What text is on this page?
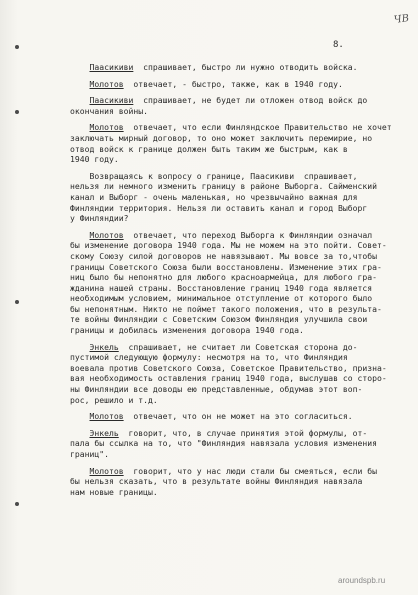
ЧВ
8.
Паасикиви  спрашивает, быстро ли нужно отводить войска.
Молотов  отвечает, - быстро, также, как в 1940 году.
Паасикиви  спрашивает, не будет ли отложен отвод войск до
окончания войны.
Молотов  отвечает, что если Финляндское Правительство не хочет
заключать мирный договор, то оно может заключить перемирие, но
отвод войск к границе должен быть таким же быстрым, как в
1940 году.
Возвращаясь к вопросу о границе, Паасикиви  спрашивает,
нельзя ли немного изменить границу в районе Выборга. Сайменский
канал и Выборг - очень маленькая, но чрезвычайно важная для
Финляндии территория. Нельзя ли оставить канал и город Выборг
у Финляндии?
Молотов  отвечает, что переход Выборга к Финляндии означал
бы изменение договора 1940 года. Мы не можем на это пойти. Совет-
скому Союзу силой договоров не навязывают. Мы вовсе за то,чтобы
границы Советского Союза были восстановлены. Изменение этих гра-
ниц было бы непонятно для любого красноармейца, для любого гра-
жданина нашей страны. Восстановление границ 1940 года является
необходимым условием, минимальное отступление от которого было
бы непонятным. Никто не поймет такого положения, что в результа-
те войны Финляндии с Советским Союзом Финляндия улучшила свои
границы и добилась изменения договора 1940 года.
Энкель  спрашивает, не считает ли Советская сторона до-
пустимой следующую формулу: несмотря на то, что Финляндия
воевала против Советского Союза, Советское Правительство, призна-
вая необходимость оставления границ 1940 года, выслушав со сторо-
ны Финляндии все доводы ею представленные, обдумав этот воп-
рос, решило и т.д.
Молотов  отвечает, что он не может на это согласиться.
Энкель  говорит, что, в случае принятия этой формулы, от-
пала бы ссылка на то, что "Финляндия навязала условия изменения
границ".
Молотов  говорит, что у нас люди стали бы смеяться, если бы
бы нельзя сказать, что в результате войны Финляндия навязала
нам новые границы.
aroundspb.ru
